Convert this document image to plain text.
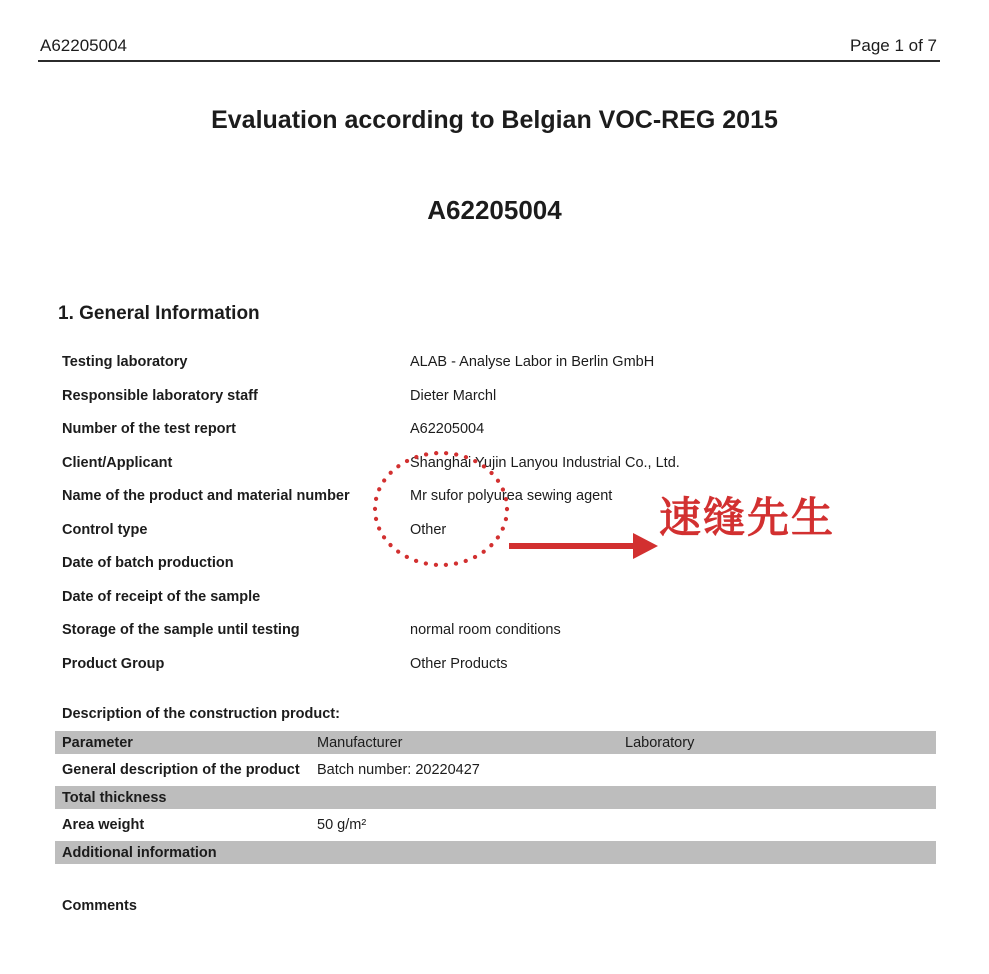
A62205004	Page 1 of 7
Evaluation according to Belgian VOC-REG 2015
A62205004
1. General Information
Testing laboratory	ALAB - Analyse Labor in Berlin GmbH
Responsible laboratory staff	Dieter Marchl
Number of the test report	A62205004
Client/Applicant	Shanghai Yujin Lanyou Industrial Co., Ltd.
Name of the product and material number	Mr sufor polyurea sewing agent
Control type	Other
Date of batch production
Date of receipt of the sample
Storage of the sample until testing	normal room conditions
Product Group	Other Products
Description of the construction product:
Parameter	Manufacturer	Laboratory
General description of the product	Batch number: 20220427
Total thickness
Area weight	50 g/m²
Additional information
Comments
速缝先生
